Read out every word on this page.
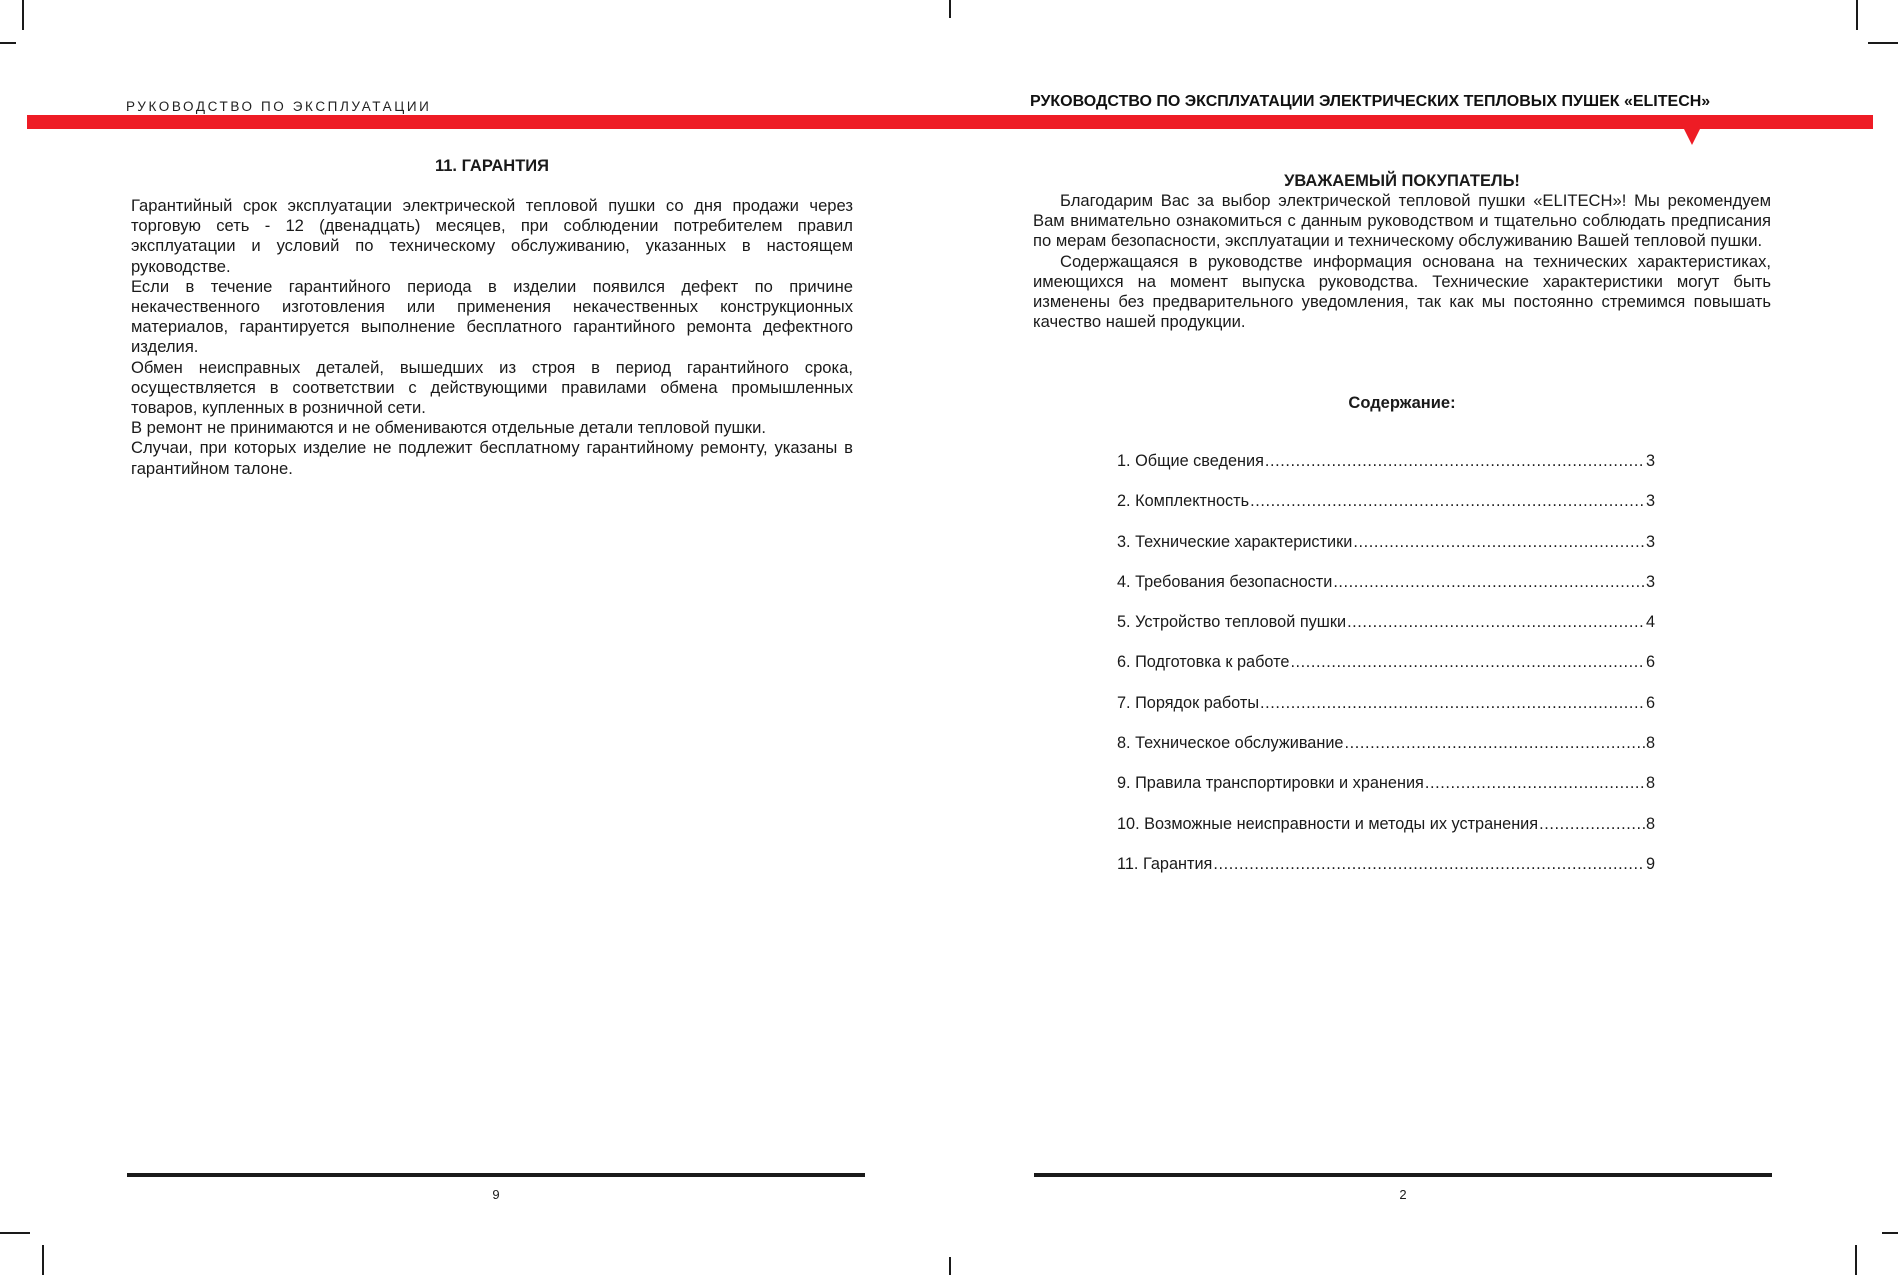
РУКОВОДСТВО ПО ЭКСПЛУАТАЦИИ
11. ГАРАНТИЯ

Гарантийный срок эксплуатации электрической тепловой пушки со дня продажи через торговую сеть - 12 (двенадцать) месяцев, при соблюдении потребителем правил эксплуатации и условий по техническому обслуживанию, указанных в настоящем руководстве.

Если в течение гарантийного периода в изделии появился дефект по причине некачественного изготовления или применения некачественных конструкционных материалов, гарантируется выполнение бесплатного гарантийного ремонта дефектного изделия.

Обмен неисправных деталей, вышедших из строя в период гарантийного срока, осуществляется в соответствии с действующими правилами обмена промышленных товаров, купленных в розничной сети.

В ремонт не принимаются и не обмениваются отдельные детали тепловой пушки.

Случаи, при которых изделие не подлежит бесплатному гарантийному ремонту, указаны в гарантийном талоне.

9
РУКОВОДСТВО ПО ЭКСПЛУАТАЦИИ ЭЛЕКТРИЧЕСКИХ ТЕПЛОВЫХ ПУШЕК «ELITECH»
УВАЖАЕМЫЙ ПОКУПАТЕЛЬ!

Благодарим Вас за выбор электрической тепловой пушки «ELITECH»! Мы рекомендуем Вам внимательно ознакомиться с данным руководством и тщательно соблюдать предписания по мерам безопасности, эксплуатации и техническому обслуживанию Вашей тепловой пушки.

Содержащаяся в руководстве информация основана на технических характеристиках, имеющихся на момент выпуска руководства. Технические характеристики могут быть изменены без предварительного уведомления, так как мы постоянно стремимся повышать качество нашей продукции.

Содержание:
1. Общие сведения .....	3
2. Комплектность .....	3
3. Технические характеристики .....	3
4. Требования безопасности .....	3
5. Устройство тепловой пушки .....	4
6. Подготовка к работе .....	6
7. Порядок работы .....	6
8. Техническое обслуживание .....	8
9. Правила транспортировки и хранения .....	8
10. Возможные неисправности и методы их устранения .....	8
11. Гарантия .....	9
2
